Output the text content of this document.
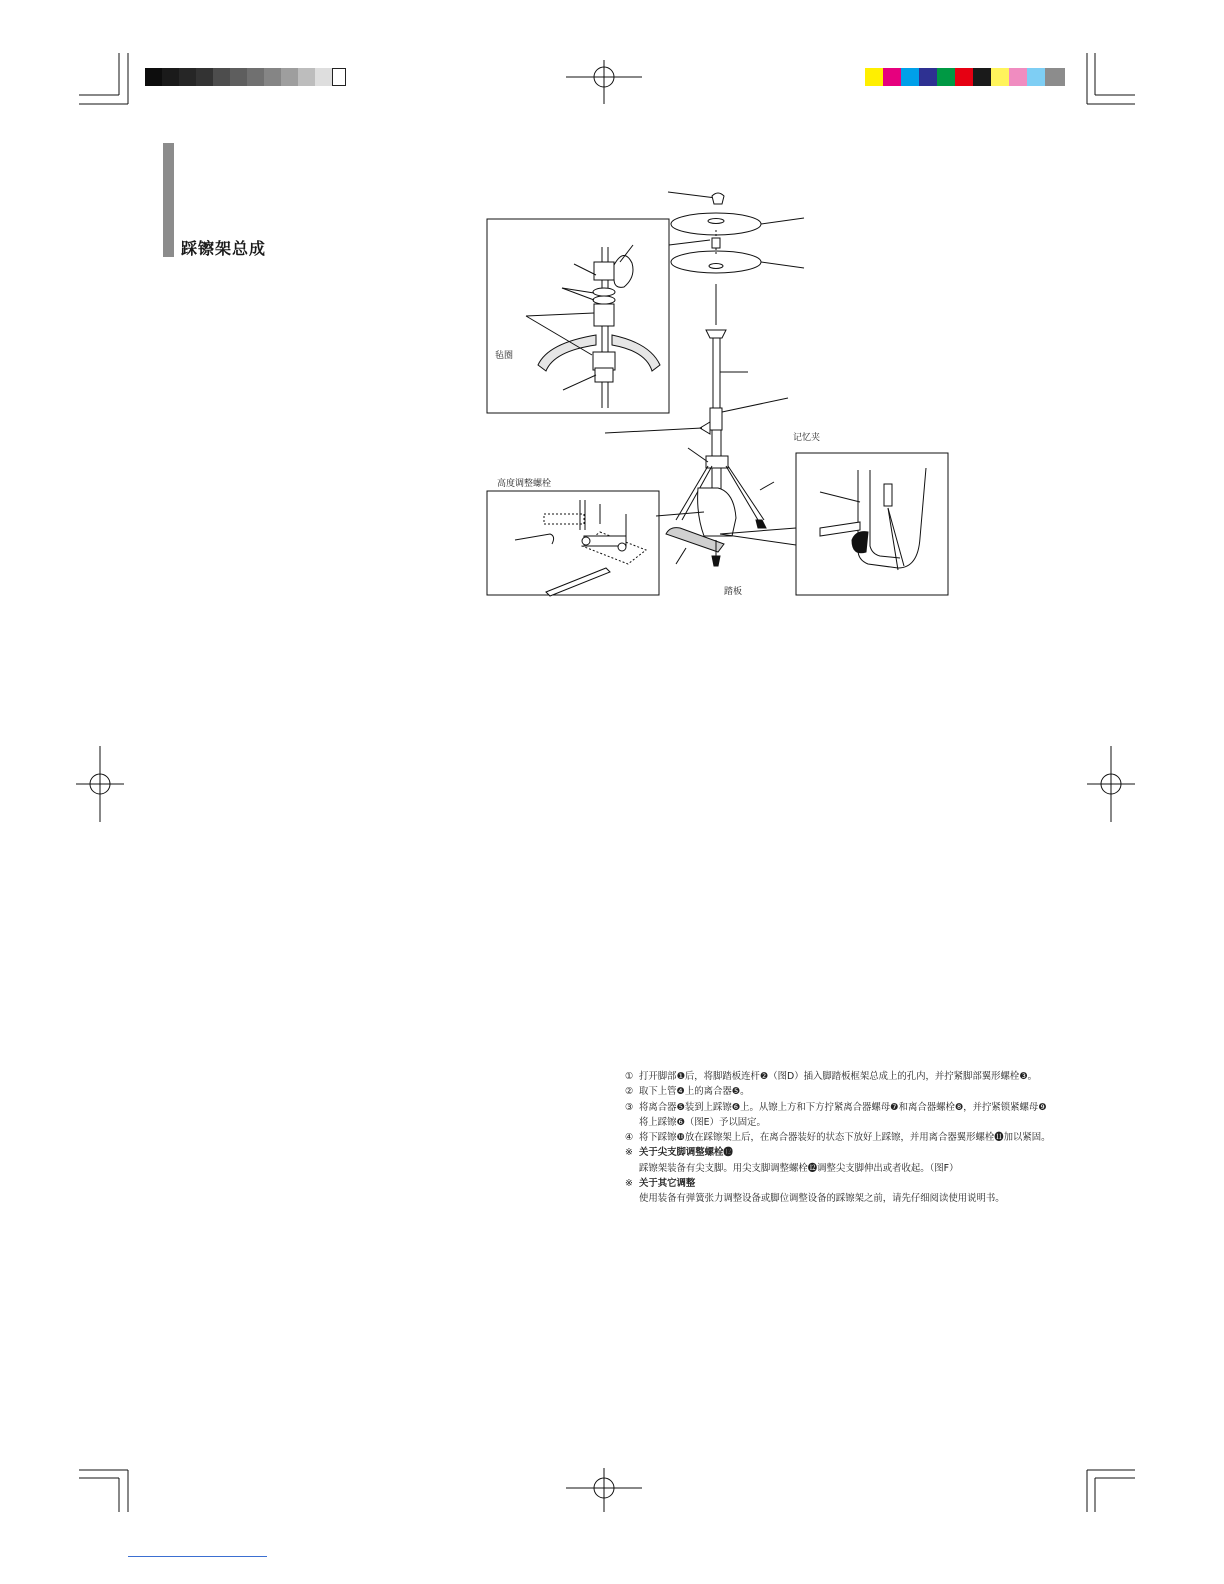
踩镲架总成
毡圈
记忆夹
高度调整螺栓
踏板
① 打开脚部❶后，将脚踏板连杆❷（图D）插入脚踏板框架总成上的孔内，并拧紧脚部翼形螺栓❸。
② 取下上管❹上的离合器❺。
③ 将离合器❺装到上踩镲❻上。从镲上方和下方拧紧离合器螺母❼和离合器螺栓❽，并拧紧锁紧螺母❾
将上踩镲❻（图E）予以固定。
④ 将下踩镲❿放在踩镲架上后，在离合器装好的状态下放好上踩镲，并用离合器翼形螺栓⓫加以紧固。
※ 关于尖支脚调整螺栓⓬
踩镲架装备有尖支脚。用尖支脚调整螺栓⓬调整尖支脚伸出或者收起。（图F）
※ 关于其它调整
使用装备有弹簧张力调整设备或脚位调整设备的踩镲架之前，请先仔细阅读使用说明书。
